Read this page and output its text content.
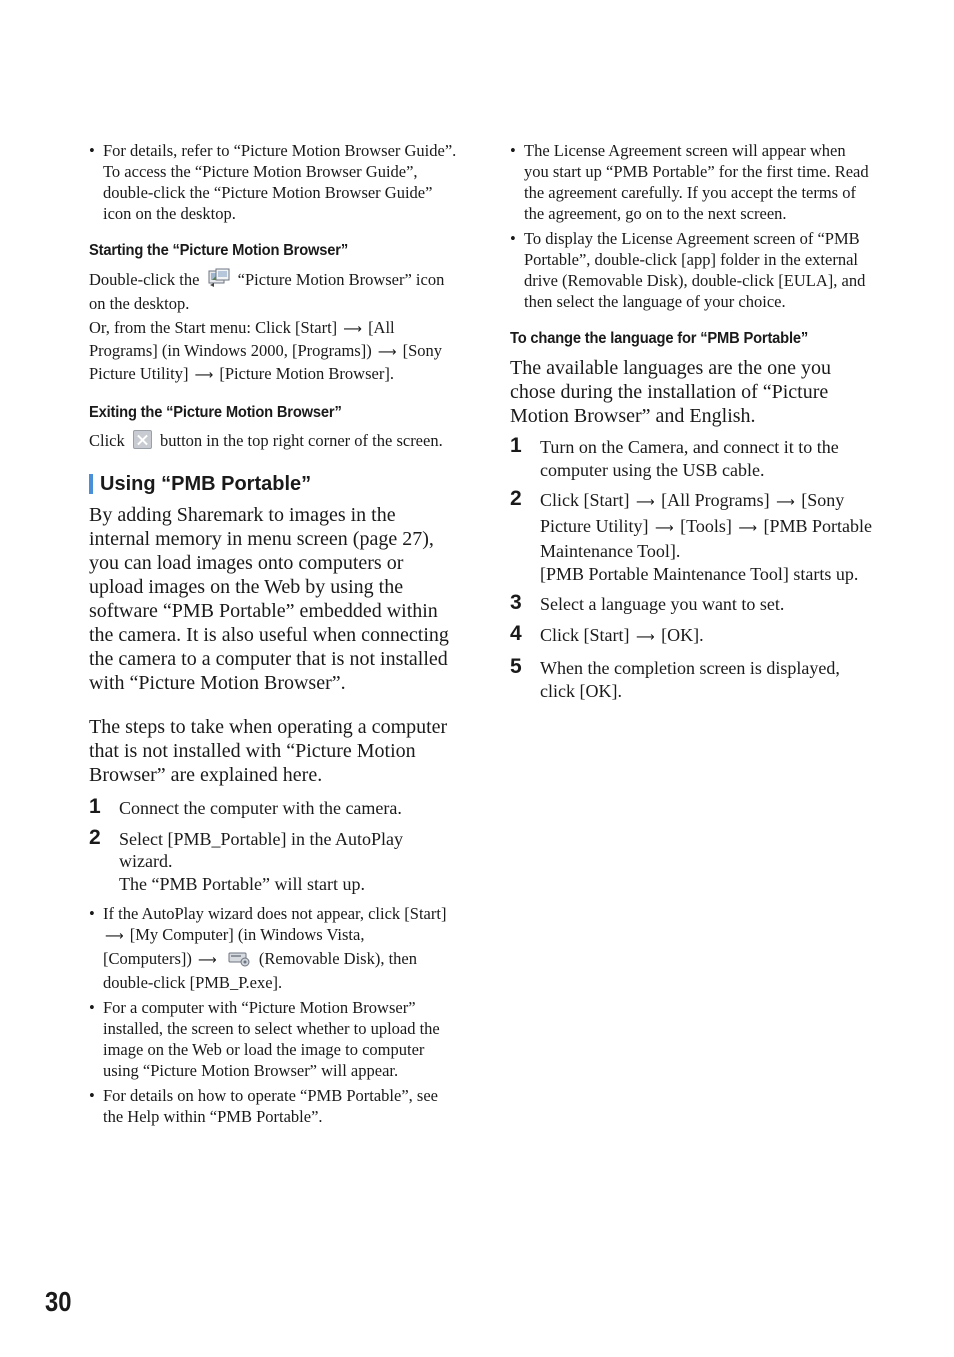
• For details, refer to “Picture Motion Browser Guide”. To access the “Picture Motion Browser Guide”, double-click the “Picture Motion Browser Guide” icon on the desktop.
Starting the “Picture Motion Browser”

Double-click the “Picture Motion Browser” icon on the desktop.

Or, from the Start menu: Click [Start] ⟶ [All Programs] (in Windows 2000, [Programs]) ⟶ [Sony Picture Utility] ⟶ [Picture Motion Browser].

Exiting the “Picture Motion Browser”

Click button in the top right corner of the screen.

Using “PMB Portable”

By adding Sharemark to images in the internal memory in menu screen (page 27), you can load images onto computers or upload images on the Web by using the software “PMB Portable” embedded within the camera. It is also useful when connecting the camera to a computer that is not installed with “Picture Motion Browser”.

The steps to take when operating a computer that is not installed with “Picture Motion Browser” are explained here.

1 Connect the computer with the camera.
2 Select [PMB_Portable] in the AutoPlay wizard.
The “PMB Portable” will start up.
• If the AutoPlay wizard does not appear, click [Start] ⟶ [My Computer] (in Windows Vista, [Computers]) ⟶	(Removable Disk), then double-click [PMB_P.exe].
• For a computer with “Picture Motion Browser” installed, the screen to select whether to upload the image on the Web or load the image to computer using “Picture Motion Browser” will appear.
• For details on how to operate “PMB Portable”, see the Help within “PMB Portable”.
• The License Agreement screen will appear when you start up “PMB Portable” for the first time. Read the agreement carefully. If you accept the terms of the agreement, go on to the next screen.
• To display the License Agreement screen of “PMB Portable”, double-click [app] folder in the external drive (Removable Disk), double-click [EULA], and then select the language of your choice.
To change the language for “PMB Portable”

The available languages are the one you chose during the installation of “Picture Motion Browser” and English.

1 Turn on the Camera, and connect it to the computer using the USB cable.
2 Click [Start] ⟶ [All Programs] ⟶ [Sony Picture Utility] ⟶ [Tools] ⟶ [PMB Portable Maintenance Tool].
[PMB Portable Maintenance Tool] starts up.
3 Select a language you want to set.
4 Click [Start] ⟶ [OK].
5 When the completion screen is displayed, click [OK].
30
